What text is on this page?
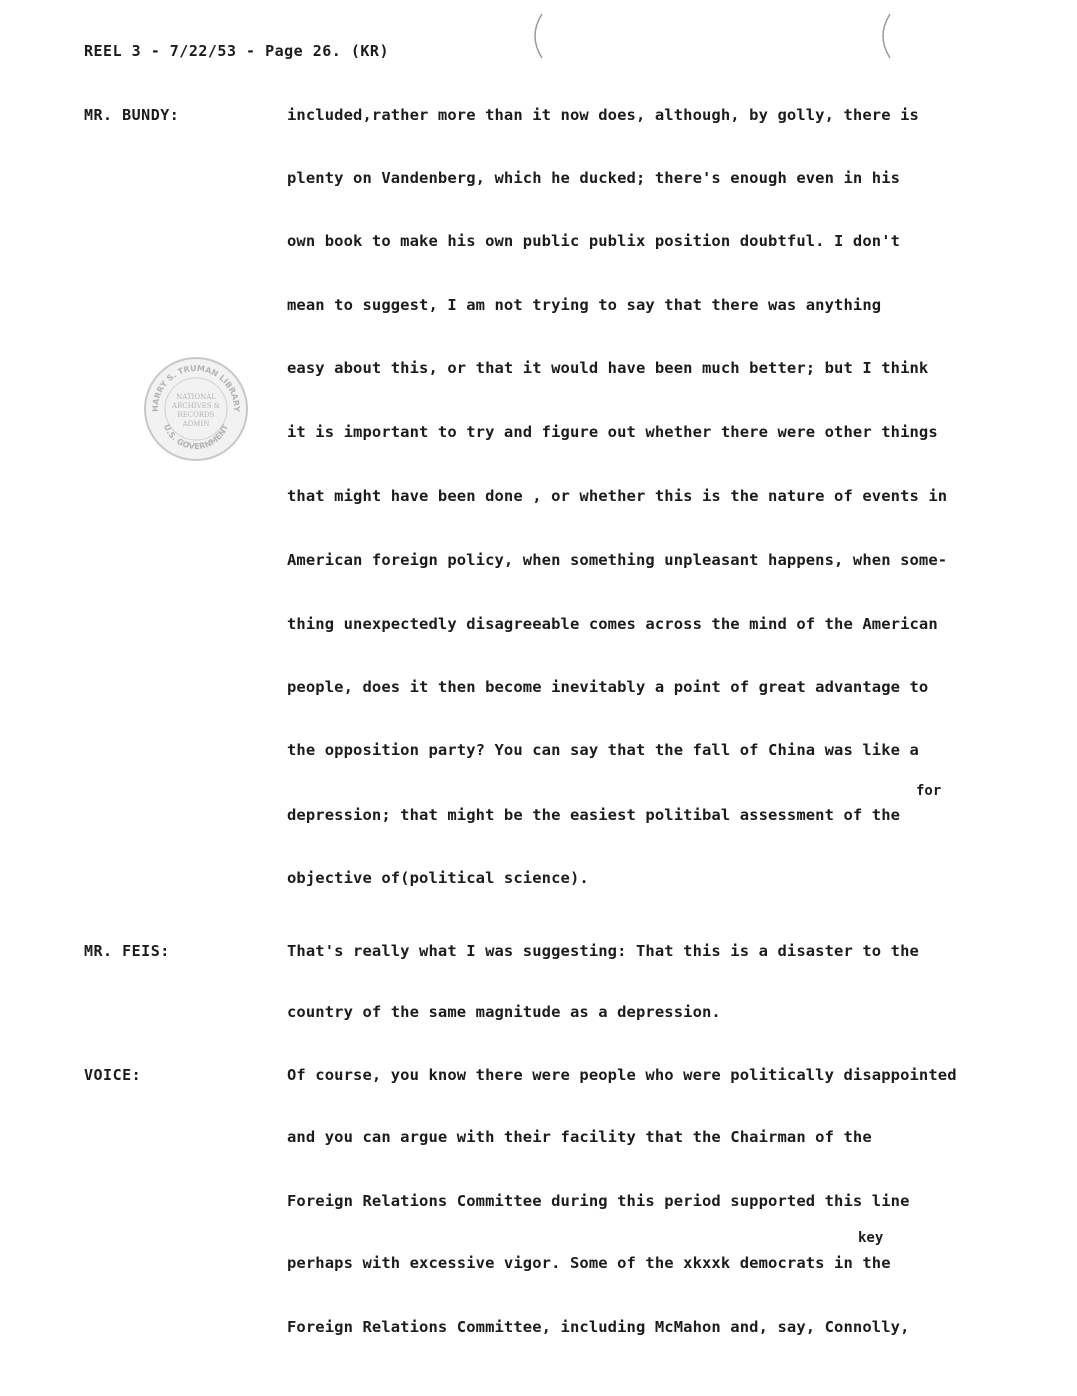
REEL 3 - 7/22/53 - Page 26. (KR)
HARRY S. TRUMAN LIBRARY
U.S. GOVERNMENT
NATIONAL
ARCHIVES &
RECORDS
ADMIN
MR. BUNDY:
MR. FEIS:
VOICE:
included,rather more than it now does, although, by golly, there is
plenty on Vandenberg, which he ducked; there's enough even in his
own book to make his own public publix position doubtful. I don't
mean to suggest, I am not trying to say that there was anything
easy about this, or that it would have been much better; but I think
it is important to try and figure out whether there were other things
that might have been done , or whether this is the nature of events in
American foreign policy, when something unpleasant happens, when some-
thing unexpectedly disagreeable comes across the mind of the American
people, does it then become inevitably a point of great advantage to
the opposition party? You can say that the fall of China was like a
for
depression; that might be the easiest politibal assessment of the
objective of(political science).
That's really what I was suggesting: That this is a disaster to the
country of the same magnitude as a depression.
Of course, you know there were people who were politically disappointed
and you can argue with their facility that the Chairman of the
Foreign Relations Committee during this period supported this line
key
perhaps with excessive vigor. Some of the xkxxk democrats in the
Foreign Relations Committee, including McMahon and, say, Connolly,
